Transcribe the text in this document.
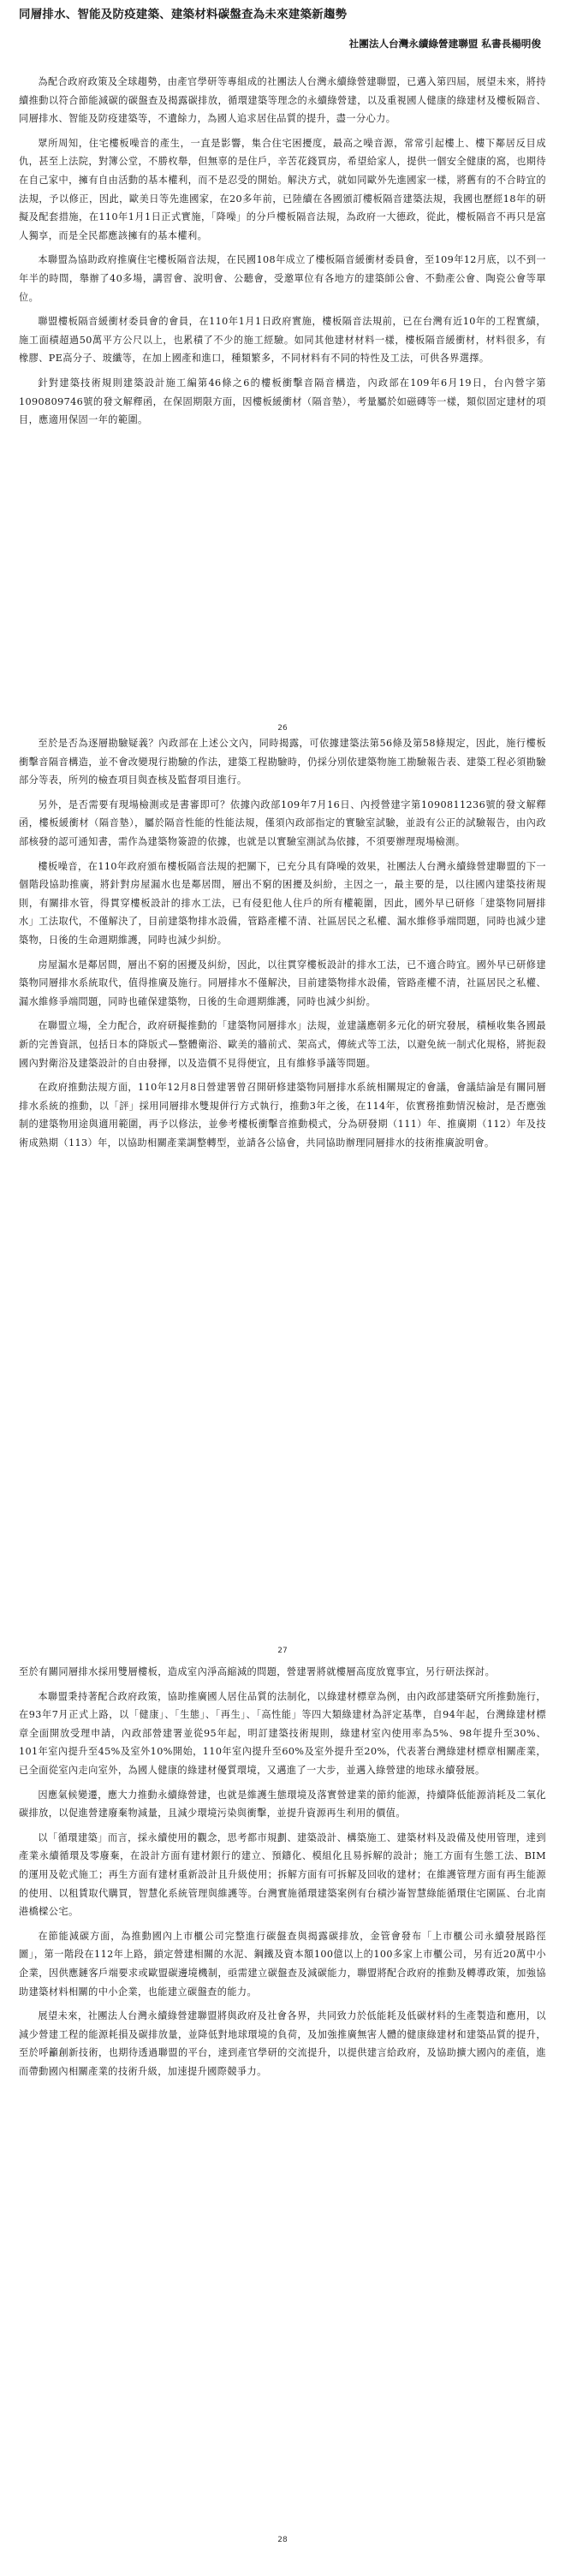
同層排水、智能及防疫建築、建築材料碳盤查為未來建築新趨勢
社團法人台灣永續綠營建聯盟 私書長楊明俊

為配合政府政策及全球趨勢，由產官學研等專組成的社團法人台灣永續綠營建聯盟，已邁入第四屆，展望未來，將持續推動以符合節能減碳的碳盤查及揭露碳排放，循環建築等理念的永續綠營建，以及重視國人健康的綠建材及樓板隔音、同層排水、智能及防疫建築等，不遺餘力，為國人追求居住品質的提升，盡一分心力。

眾所周知，住宅樓板噪音的產生，一直是影響，集合住宅困擾度，最高之噪音源，常常引起樓上、樓下鄰居反目成仇，甚至上法院，對簿公堂，不勝枚舉，但無辜的是住戶，辛苦花錢買房，希望給家人，提供一個安全健康的窩，也期待在自己家中，擁有自由活動的基本權利，而不是忍受的開始。解決方式，就如同歐外先進國家一樣，將舊有的不合時宜的法規，予以修正，因此，歐美日等先進國家，在20多年前，已陸續在各國頒訂樓板隔音建築法規，我國也歷經18年的研擬及配套措施，在110年1月1日正式實施，「降噪」的分戶樓板隔音法規，為政府一大德政，從此，樓板隔音不再只是富人獨享，而是全民都應該擁有的基本權利。

本聯盟為協助政府推廣住宅樓板隔音法規，在民國108年成立了樓板隔音緩衝材委員會，至109年12月底，以不到一年半的時間，舉辦了40多場，講習會、說明會、公聽會，受邀單位有各地方的建築師公會、不動產公會、陶瓷公會等單位。

聯盟樓板隔音緩衝材委員會的會員，在110年1月1日政府實施，樓板隔音法規前，已在台灣有近10年的工程實績，施工面積超過50萬平方公尺以上，也累積了不少的施工經驗。如同其他建材材料一樣，樓板隔音緩衝材，材料很多，有橡膠、PE高分子、玻纖等，在加上國產和進口，種類繁多，不同材料有不同的特性及工法，可供各界選擇。

針對建築技術規則建築設計施工編第46條之6的樓板衝擊音隔音構造，內政部在109年6月19日，台內營字第1090809746號的發文解釋函，在保固期限方面，因樓板緩衝材（隔音墊），考量屬於如磁磚等一樣，類似固定建材的項目，應適用保固一年的範圍。

26

至於是否為逐層勘驗疑義？內政部在上述公文內，同時揭露，可依據建築法第56條及第58條規定，因此，施行樓板衝擊音隔音構造，並不會改變現行勘驗的作法，建築工程勘驗時，仍採分別依建築物施工勘驗報告表、建築工程必須勘驗部分等表，所列的檢查項目與查核及監督項目進行。

另外，是否需要有現場檢測或是書審即可？依據內政部109年7月16日、內授營建字第1090811236號的發文解釋函，樓板緩衝材（隔音墊），屬於隔音性能的性能法規，僅須內政部指定的實驗室試驗，並設有公正的試驗報告，由內政部核發的認可通知書，需作為建築物簽證的依據，也就是以實驗室測試為依據，不須要辦理現場檢測。

樓板噪音，在110年政府頒布樓板隔音法規的把關下，已充分具有降噪的效果，社團法人台灣永續綠營建聯盟的下一個階段協助推廣，將針對房屋漏水也是鄰居間，層出不窮的困擾及糾紛，主因之一，最主要的是，以往國內建築技術規則，有關排水管，得貫穿樓板設計的排水工法，已有侵犯他人住戶的所有權範圍，因此，國外早已研修「建築物同層排水」工法取代，不僅解決了，目前建築物排水設備，管路產權不清、社區居民之私權、漏水維修爭端問題，同時也減少建築物，日後的生命週期維護，同時也減少糾紛。

房屋漏水是鄰居間，層出不窮的困擾及糾紛，因此，以往貫穿樓板設計的排水工法，已不適合時宜。國外早已研修建築物同層排水系統取代，值得推廣及施行。同層排水不僅解決，目前建築物排水設備，管路產權不清，社區居民之私權、漏水維修爭端問題，同時也確保建築物，日後的生命週期維護，同時也減少糾紛。

在聯盟立場，全力配合，政府研擬推動的「建築物同層排水」法規，並建議應朝多元化的研究發展，積極收集各國最新的完善資訊，包括日本的降版式—整體衛浴、歐美的牆前式、架高式，傳統式等工法，以避免統一制式化規格，將扼殺國內對衛浴及建築設計的自由發揮，以及造價不見得便宜，且有維修爭議等問題。

在政府推動法規方面，110年12月8日營建署曾召開研修建築物同層排水系統相關規定的會議，會議結論是有關同層排水系統的推動，以「評」採用同層排水雙規併行方式執行，推動3年之後，在114年，依實務推動情況檢討，是否應強制的建築物用途與適用範圍，再予以修法，並參考樓板衝擊音推動模式，分為研發期（111）年、推廣期（112）年及技術成熟期（113）年，以協助相關產業調整轉型，並請各公協會，共同協助辦理同層排水的技術推廣說明會。

27

至於有關同層排水採用雙層樓板，造成室內淨高縮減的問題，營建署將就樓層高度放寬事宜，另行研法探討。

本聯盟秉持著配合政府政策，協助推廣國人居住品質的法制化，以綠建材標章為例，由內政部建築研究所推動施行，在93年7月正式上路，以「健康」、「生態」、「再生」、「高性能」等四大類綠建材為評定基準，自94年起，台灣綠建材標章全面開放受理申請，內政部營建署並從95年起，明訂建築技術規則，綠建材室內使用率為5%、98年提升至30%、101年室內提升至45%及室外10%開始，110年室內提升至60%及室外提升至20%，代表著台灣綠建材標章相關產業，已全面從室內走向室外，為國人健康的綠建材優質環境，又邁進了一大步，並邁入綠營建的地球永續發展。

因應氣候變遷，應大力推動永續綠營建，也就是維護生態環境及落實營建業的節約能源，持續降低能源消耗及二氧化碳排放，以促進營建廢棄物減量，且減少環境污染與衝擊，並提升資源再生利用的價值。

以「循環建築」而言，採永續使用的觀念，思考都市規劃、建築設計、構築施工、建築材料及設備及使用管理，達到產業永續循環及零廢棄，在設計方面有建材銀行的建立、預鑄化、模組化且易拆解的設計；施工方面有生態工法、BIM的運用及乾式施工；再生方面有建材重新設計且升級使用；拆解方面有可拆解及回收的建材；在維護管理方面有再生能源的使用、以租賃取代購買，智慧化系統管理與維護等。台灣實施循環建築案例有台積沙崙智慧綠能循環住宅園區、台北南港橋樑公宅。

在節能減碳方面，為推動國內上市櫃公司完整進行碳盤查與揭露碳排放，金管會發布「上市櫃公司永續發展路徑圖」，第一階段在112年上路，鎖定營建相關的水泥、鋼鐵及資本額100億以上的100多家上市櫃公司，另有近20萬中小企業，因供應鏈客戶端要求或歐盟碳邊境機制，亟需建立碳盤查及減碳能力，聯盟將配合政府的推動及轉導政策，加強協助建築材料相關的中小企業，也能建立碳盤查的能力。

展望未來，社團法人台灣永續綠營建聯盟將與政府及社會各界，共同致力於低能耗及低碳材料的生產製造和應用，以減少營建工程的能源耗損及碳排放量，並降低對地球環境的負荷，及加強推廣無害人體的健康綠建材和建築品質的提升，至於呼籲創新技術，也期待透過聯盟的平台，達到產官學研的交流提升，以提供建言給政府，及協助擴大國內的產值，進而帶動國內相關產業的技術升級，加速提升國際競爭力。

28
